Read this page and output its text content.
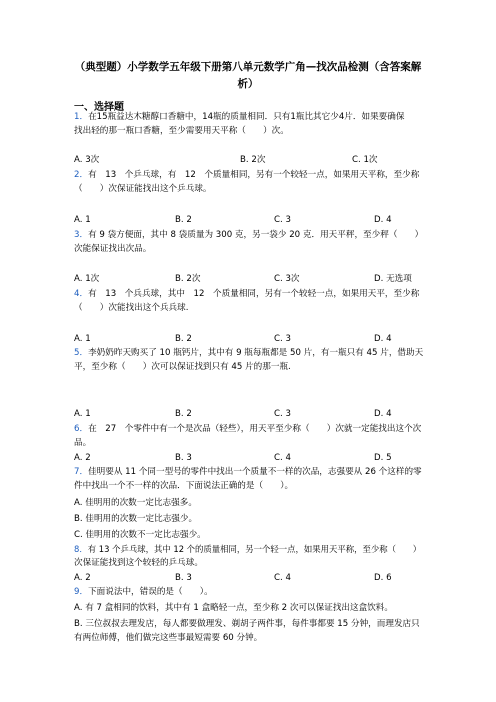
（典型题）小学数学五年级下册第八单元数学广角—找次品检测（含答案解
析）
一、选择题
1．在15瓶益达木糖醇口香糖中，14瓶的质量相同．只有1瓶比其它少4片．如果要确保
找出轻的那一瓶口香糖，至少需要用天平称（　　）次。
A. 3次	B. 2次	C. 1次
2．有　13　个乒乓球，有　12　个质量相同，另有一个较轻一点，如果用天平称，至少称
（　　）次保证能找出这个乒乓球。
A. 1	B. 2	C. 3	D. 4
3．有 9 袋方便面，其中 8 袋质量为 300 克，另一袋少 20 克．用天平秤，至少秤（　　）
次能保证找出次品。
A. 1次	B. 2次	C. 3次	D. 无选项
4．有　13　个兵兵球，其中　12　个质量相同，另有一个较轻一点，如果用天平，至少称
（　　）次能找出这个兵兵球.
A. 1	B. 2	C. 3	D. 4
5．李奶奶昨天购买了 10 瓶钙片，其中有 9 瓶每瓶都是 50 片，有一瓶只有 45 片，借助天
平，至少称（　　）次可以保证找到只有 45 片的那一瓶.
A. 1	B. 2	C. 3	D. 4
6．在　27　个零件中有一个是次品（轻些），用天平至少称（　　）次就一定能找出这个次
品。
A. 2	B. 3	C. 4	D. 5
7．佳明要从 11 个同一型号的零件中找出一个质量不一样的次品，志强要从 26 个这样的零
件中找出一个不一样的次品．下面说法正确的是（　　）。
A. 佳明用的次数一定比志强多。
B. 佳明用的次数一定比志强少。
C. 佳明用的次数不一定比志强少。
8．有 13 个乒乓球，其中 12 个的质量相同，另一个轻一点，如果用天平称，至少称（　　）
次保证能找到这个较轻的乒乓球。
A. 2	B. 3	C. 4	D. 6
9．下面说法中，错误的是（　　）。
A. 有 7 盒相同的饮料，其中有 1 盒略轻一点，至少称 2 次可以保证找出这盒饮料。
B. 三位叔叔去理发店，每人都要做理发、剃胡子两件事，每件事都要 15 分钟，而理发店只
有两位师傅，他们做完这些事最短需要 60 分钟。
